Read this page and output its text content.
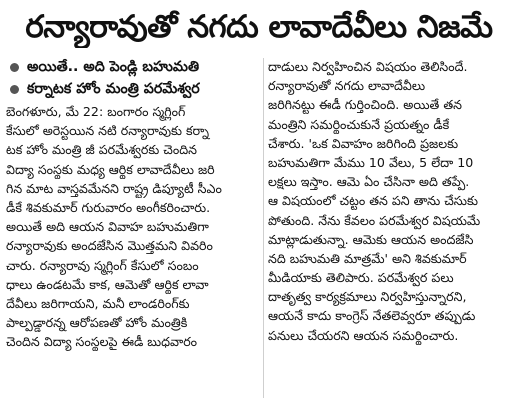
రన్యారావుతో నగదు లావాదేవీలు నిజమే
అయితే.. అది పెండ్లి బహుమతి
కర్నాటక హోం మంత్రి పరమేశ్వర
బెంగళూరు, మే 22: బంగారం స్మగ్లింగ్
కేసులో అరెస్టయిన నటి రన్యారావుకు కర్నా
టక హోం మంత్రి జీ పరమేశ్వరకు చెందిన
విద్యా సంస్థకు మధ్య ఆర్థిక లావాదేవీలు జరి
గిన మాట వాస్తవమేనని రాష్ట్ర డిప్యూటీ సీఎం
డీకే శివకుమార్ గురువారం అంగీకరించారు.
అయితే అది ఆయన వివాహ బహుమతిగా
రన్యారావుకు అందజేసిన మొత్తమని వివరిం
చారు. రన్యారావు స్మగ్లింగ్ కేసులో సంబం
ధాలు ఉండటమే కాక, ఆమెతో ఆర్థిక లావా
దేవీలు జరిగాయని, మనీ లాండరింగ్‌కు
పాల్పడ్డారన్న ఆరోపణతో హోం మంత్రికి
చెందిన విద్యా సంస్థలపై ఈడీ బుధవారం
దాడులు నిర్వహించిన విషయం తెలిసిందే.
రన్యారావుతో నగదు లావాదేవీలు
జరిగినట్టు ఈడీ గుర్తించింది. అయితే తన
మంత్రిని సమర్థించుకునే ప్రయత్నం డీకే
చేశారు. 'ఒక వివాహం జరిగింది ప్రజలకు
బహుమతిగా మేము 10 వేలు, 5 లేదా 10
లక్షలు ఇస్తాం. ఆమె ఏం చేసినా అది తప్పే.
ఆ విషయంలో చట్టం తన పని తాను చేసుకు
పోతుంది. నేను కేవలం పరమేశ్వర విషయమే
మాట్లాడుతున్నా. ఆమెకు ఆయన అందజేసి
నది బహుమతి మాత్రమే' అని శివకుమార్
మీడియాకు తెలిపారు. పరమేశ్వర పలు
దాతృత్వ కార్యక్రమాలు నిర్వహిస్తున్నారని,
ఆయనే కాదు కాంగ్రెస్ నేతలెవ్వరూ తప్పుడు
పనులు చేయరని ఆయన సమర్థించారు.
